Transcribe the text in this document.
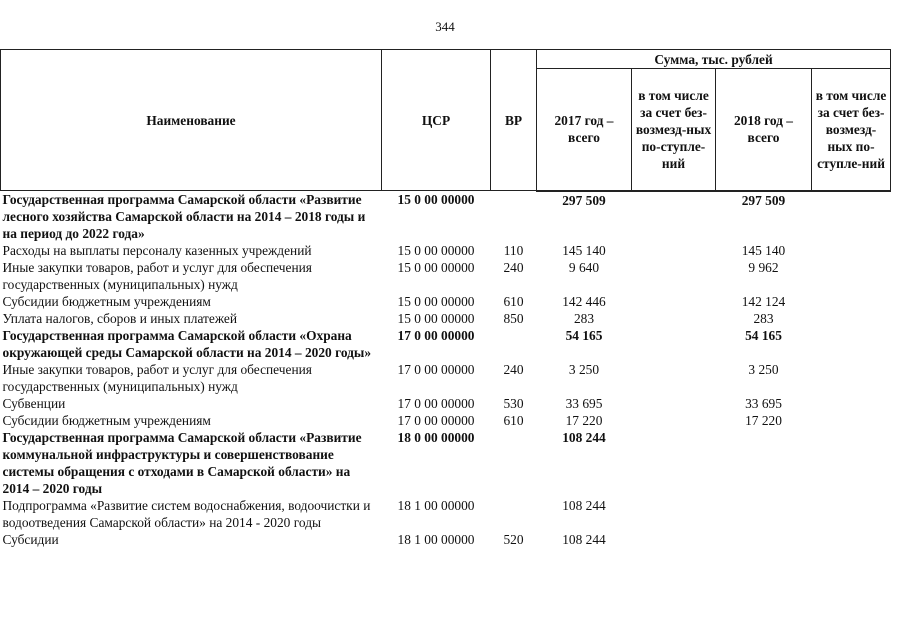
344
Наименование	ЦСР	ВР	Сумма, тыс. рублей			
			2017 год – всего	в том числе за счет без-возмезд-ных по-ступле-ний	2018 год – всего	в том числе за счет без-возмезд-ных по-ступле-ний
Государственная программа Самарской области «Развитие лесного хозяйства Самарской области на 2014 – 2018 годы и на период до 2022 года»	15 0 00 00000		297 509		297 509	
Расходы на выплаты персоналу казенных учреждений	15 0 00 00000	110	145 140		145 140	
Иные закупки товаров, работ и услуг для обеспечения государственных (муниципальных) нужд	15 0 00 00000	240	9 640		9 962	
Субсидии бюджетным учреждениям	15 0 00 00000	610	142 446		142 124	
Уплата налогов, сборов и иных платежей	15 0 00 00000	850	283		283	
Государственная программа Самарской области «Охрана окружающей среды Самарской области на 2014 – 2020 годы»	17 0 00 00000		54 165		54 165	
Иные закупки товаров, работ и услуг для обеспечения государственных (муниципальных) нужд	17 0 00 00000	240	3 250		3 250	
Субвенции	17 0 00 00000	530	33 695		33 695	
Субсидии бюджетным учреждениям	17 0 00 00000	610	17 220		17 220	
Государственная программа Самарской области «Развитие коммунальной инфраструктуры и совершенствование системы обращения с отходами в Самарской области» на 2014 – 2020 годы	18 0 00 00000		108 244			
Подпрограмма «Развитие систем водоснабжения, водоочистки и водоотведения Самарской области» на 2014 - 2020 годы	18 1 00 00000		108 244			
Субсидии	18 1 00 00000	520	108 244			
